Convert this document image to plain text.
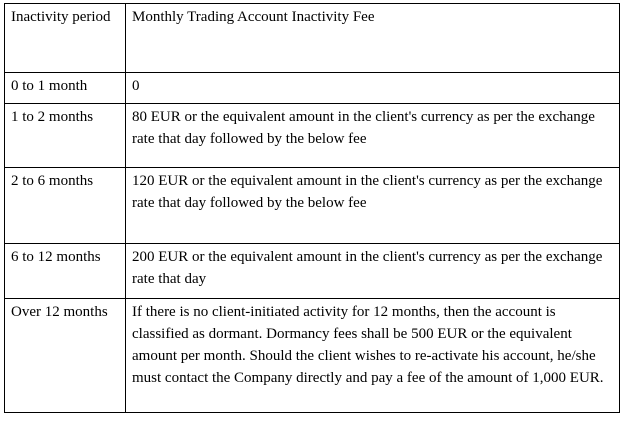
Inactivity period	Monthly Trading Account Inactivity Fee
0 to 1 month	0
1 to 2 months	80 EUR or the equivalent amount in the client's currency as per the exchange rate that day followed by the below fee
2 to 6 months	120 EUR or the equivalent amount in the client's currency as per the exchange rate that day followed by the below fee
6 to 12 months	200 EUR or the equivalent amount in the client's currency as per the exchange rate that day
Over 12 months	If there is no client-initiated activity for 12 months, then the account is classified as dormant. Dormancy fees shall be 500 EUR or the equivalent amount per month. Should the client wishes to re-activate his account, he/she must contact the Company directly and pay a fee of the amount of 1,000 EUR.
